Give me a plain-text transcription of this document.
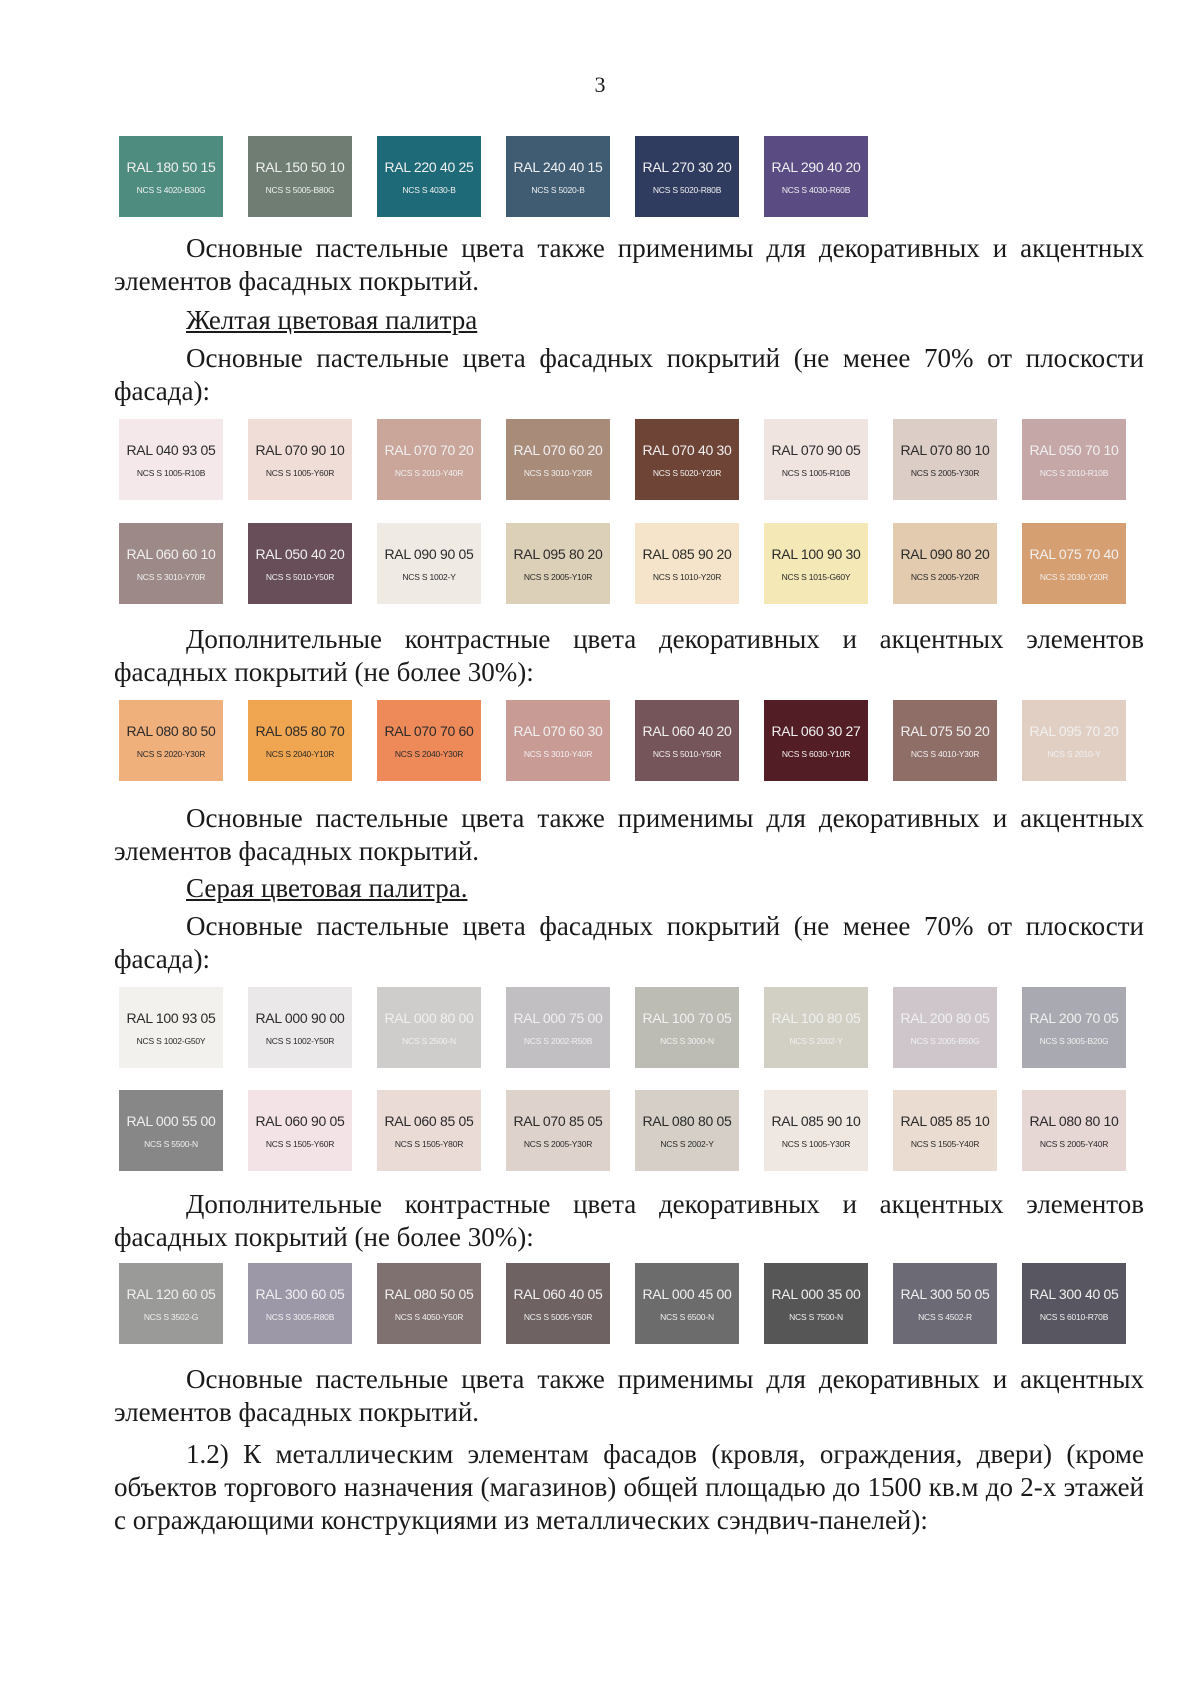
3
RAL 180 50 15
NCS S 4020-B30G
RAL 150 50 10
NCS S 5005-B80G
RAL 220 40 25
NCS S 4030-B
RAL 240 40 15
NCS S 5020-B
RAL 270 30 20
NCS S 5020-R80B
RAL 290 40 20
NCS S 4030-R60B

Основные пастельные цвета также применимы для декоративных и акцентных элементов фасадных покрытий.

Желтая цветовая палитра

Основные пастельные цвета фасадных покрытий (не менее 70% от плоскости фасада):

RAL 040 93 05
NCS S 1005-R10B
RAL 070 90 10
NCS S 1005-Y60R
RAL 070 70 20
NCS S 2010-Y40R
RAL 070 60 20
NCS S 3010-Y20R
RAL 070 40 30
NCS S 5020-Y20R
RAL 070 90 05
NCS S 1005-R10B
RAL 070 80 10
NCS S 2005-Y30R
RAL 050 70 10
NCS S 2010-R10B
RAL 060 60 10
NCS S 3010-Y70R
RAL 050 40 20
NCS S 5010-Y50R
RAL 090 90 05
NCS S 1002-Y
RAL 095 80 20
NCS S 2005-Y10R
RAL 085 90 20
NCS S 1010-Y20R
RAL 100 90 30
NCS S 1015-G60Y
RAL 090 80 20
NCS S 2005-Y20R
RAL 075 70 40
NCS S 2030-Y20R

Дополнительные контрастные цвета декоративных и акцентных элементов фасадных покрытий (не более 30%):

RAL 080 80 50
NCS S 2020-Y30R
RAL 085 80 70
NCS S 2040-Y10R
RAL 070 70 60
NCS S 2040-Y30R
RAL 070 60 30
NCS S 3010-Y40R
RAL 060 40 20
NCS S 5010-Y50R
RAL 060 30 27
NCS S 6030-Y10R
RAL 075 50 20
NCS S 4010-Y30R
RAL 095 70 20
NCS S 2010-Y

Основные пастельные цвета также применимы для декоративных и акцентных элементов фасадных покрытий.

Серая цветовая палитра.

Основные пастельные цвета фасадных покрытий (не менее 70% от плоскости фасада):

RAL 100 93 05
NCS S 1002-G50Y
RAL 000 90 00
NCS S 1002-Y50R
RAL 000 80 00
NCS S 2500-N
RAL 000 75 00
NCS S 2002-R50B
RAL 100 70 05
NCS S 3000-N
RAL 100 80 05
NCS S 2002-Y
RAL 200 80 05
NCS S 2005-B50G
RAL 200 70 05
NCS S 3005-B20G
RAL 000 55 00
NCS S 5500-N
RAL 060 90 05
NCS S 1505-Y60R
RAL 060 85 05
NCS S 1505-Y80R
RAL 070 85 05
NCS S 2005-Y30R
RAL 080 80 05
NCS S 2002-Y
RAL 085 90 10
NCS S 1005-Y30R
RAL 085 85 10
NCS S 1505-Y40R
RAL 080 80 10
NCS S 2005-Y40R

Дополнительные контрастные цвета декоративных и акцентных элементов фасадных покрытий (не более 30%):

RAL 120 60 05
NCS S 3502-G
RAL 300 60 05
NCS S 3005-R80B
RAL 080 50 05
NCS S 4050-Y50R
RAL 060 40 05
NCS S 5005-Y50R
RAL 000 45 00
NCS S 6500-N
RAL 000 35 00
NCS S 7500-N
RAL 300 50 05
NCS S 4502-R
RAL 300 40 05
NCS S 6010-R70B

Основные пастельные цвета также применимы для декоративных и акцентных элементов фасадных покрытий.

1.2) К металлическим элементам фасадов (кровля, ограждения, двери) (кроме объектов торгового назначения (магазинов) общей площадью до 1500 кв.м до 2-х этажей с ограждающими конструкциями из металлических сэндвич-панелей):
